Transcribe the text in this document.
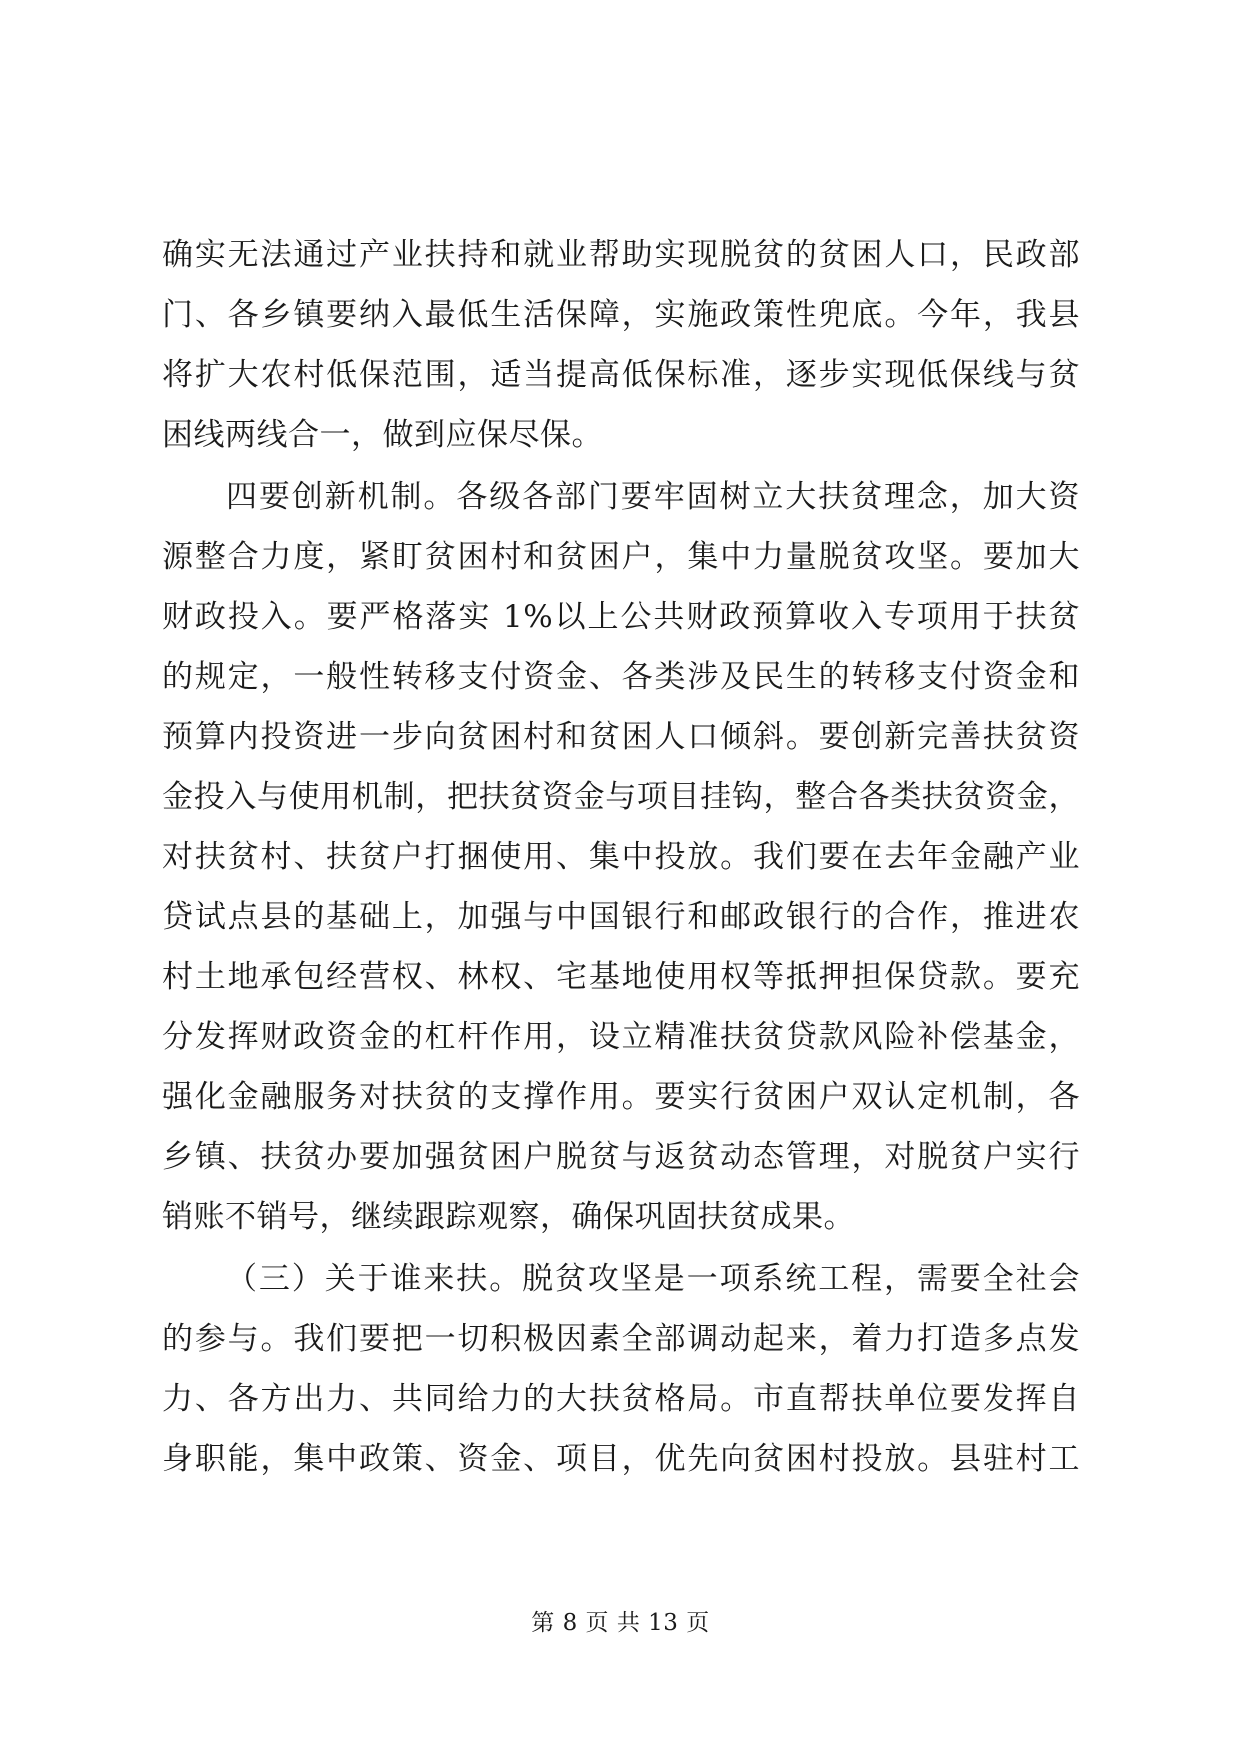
确实无法通过产业扶持和就业帮助实现脱贫的贫困人口，民政部
门、各乡镇要纳入最低生活保障，实施政策性兜底。今年，我县
将扩大农村低保范围，适当提高低保标准，逐步实现低保线与贫
困线两线合一，做到应保尽保。
四要创新机制。各级各部门要牢固树立大扶贫理念，加大资
源整合力度，紧盯贫困村和贫困户，集中力量脱贫攻坚。要加大
财政投入。要严格落实 1%以上公共财政预算收入专项用于扶贫
的规定，一般性转移支付资金、各类涉及民生的转移支付资金和
预算内投资进一步向贫困村和贫困人口倾斜。要创新完善扶贫资
金投入与使用机制，把扶贫资金与项目挂钩，整合各类扶贫资金，
对扶贫村、扶贫户打捆使用、集中投放。我们要在去年金融产业
贷试点县的基础上，加强与中国银行和邮政银行的合作，推进农
村土地承包经营权、林权、宅基地使用权等抵押担保贷款。要充
分发挥财政资金的杠杆作用，设立精准扶贫贷款风险补偿基金，
强化金融服务对扶贫的支撑作用。要实行贫困户双认定机制，各
乡镇、扶贫办要加强贫困户脱贫与返贫动态管理，对脱贫户实行
销账不销号，继续跟踪观察，确保巩固扶贫成果。
（三）关于谁来扶。脱贫攻坚是一项系统工程，需要全社会
的参与。我们要把一切积极因素全部调动起来，着力打造多点发
力、各方出力、共同给力的大扶贫格局。市直帮扶单位要发挥自
身职能，集中政策、资金、项目，优先向贫困村投放。县驻村工
第 8 页 共 13 页
